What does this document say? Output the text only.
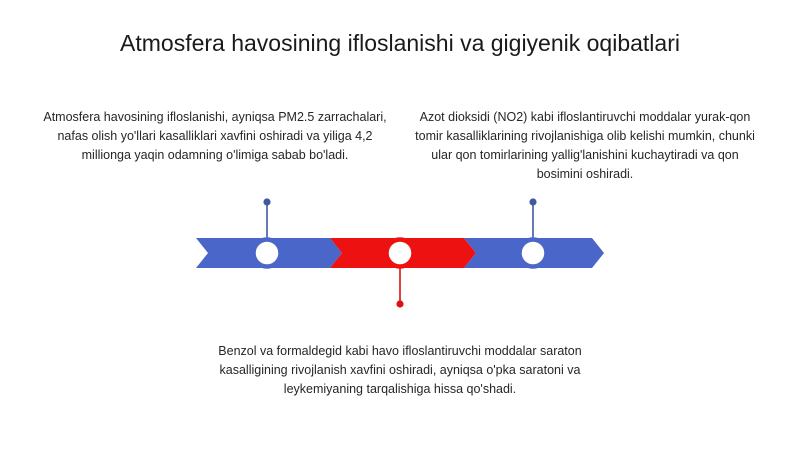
Atmosfera havosining ifloslanishi va gigiyenik oqibatlari

Atmosfera havosining ifloslanishi, ayniqsa PM2.5 zarrachalari, nafas olish yo'llari kasalliklari xavfini oshiradi va yiliga 4,2 millionga yaqin odamning o'limiga sabab bo'ladi.

Azot dioksidi (NO2) kabi ifloslantiruvchi moddalar yurak-qon tomir kasalliklarining rivojlanishiga olib kelishi mumkin, chunki ular qon tomirlarining yallig'lanishini kuchaytiradi va qon bosimini oshiradi.

Benzol va formaldegid kabi havo ifloslantiruvchi moddalar saraton kasalligining rivojlanish xavfini oshiradi, ayniqsa o'pka saratoni va leykemiyaning tarqalishiga hissa qo'shadi.
